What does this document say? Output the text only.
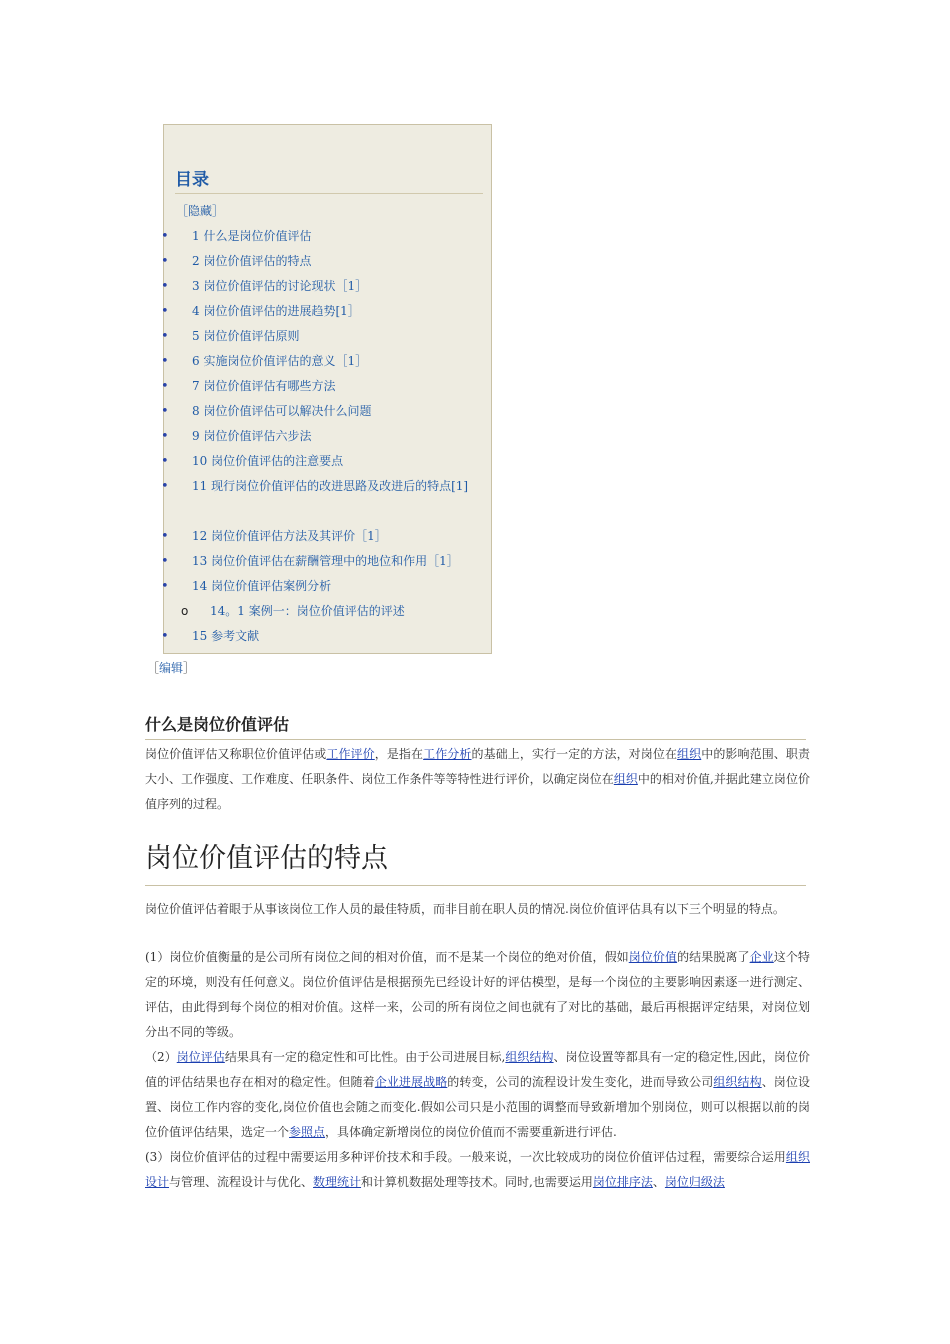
目录
［隐藏］
• 1 什么是岗位价值评估
• 2 岗位价值评估的特点
• 3 岗位价值评估的讨论现状［1］
• 4 岗位价值评估的进展趋势[1］
• 5 岗位价值评估原则
• 6 实施岗位价值评估的意义［1］
• 7 岗位价值评估有哪些方法
• 8 岗位价值评估可以解决什么问题
• 9 岗位价值评估六步法
• 10 岗位价值评估的注意要点
• 11 现行岗位价值评估的改进思路及改进后的特点[1]
• 12 岗位价值评估方法及其评价［1］
• 13 岗位价值评估在薪酬管理中的地位和作用［1］
• 14 岗位价值评估案例分析
o 14。1 案例一：岗位价值评估的评述
• 15 参考文献
［编辑］
什么是岗位价值评估
岗位价值评估又称职位价值评估或工作评价，是指在工作分析的基础上，实行一定的方法，对岗位在组织中的影响范围、职责大小、工作强度、工作难度、任职条件、岗位工作条件等等特性进行评价，以确定岗位在组织中的相对价值,并据此建立岗位价值序列的过程。
岗位价值评估的特点
岗位价值评估着眼于从事该岗位工作人员的最佳特质，而非目前在职人员的情况.岗位价值评估具有以下三个明显的特点。
(1）岗位价值衡量的是公司所有岗位之间的相对价值，而不是某一个岗位的绝对价值，假如岗位价值的结果脱离了企业这个特定的环境，则没有任何意义。岗位价值评估是根据预先已经设计好的评估模型，是每一个岗位的主要影响因素逐一进行测定、评估，由此得到每个岗位的相对价值。这样一来，公司的所有岗位之间也就有了对比的基础，最后再根据评定结果，对岗位划分出不同的等级。
（2）岗位评估结果具有一定的稳定性和可比性。由于公司进展目标,组织结构、岗位设置等都具有一定的稳定性,因此，岗位价值的评估结果也存在相对的稳定性。但随着企业进展战略的转变，公司的流程设计发生变化，进而导致公司组织结构、岗位设置、岗位工作内容的变化,岗位价值也会随之而变化.假如公司只是小范围的调整而导致新增加个别岗位，则可以根据以前的岗位价值评估结果，选定一个参照点，具体确定新增岗位的岗位价值而不需要重新进行评估.
(3）岗位价值评估的过程中需要运用多种评价技术和手段。一般来说，一次比较成功的岗位价值评估过程，需要综合运用组织设计与管理、流程设计与优化、数理统计和计算机数据处理等技术。同时,也需要运用岗位排序法、岗位归级法
